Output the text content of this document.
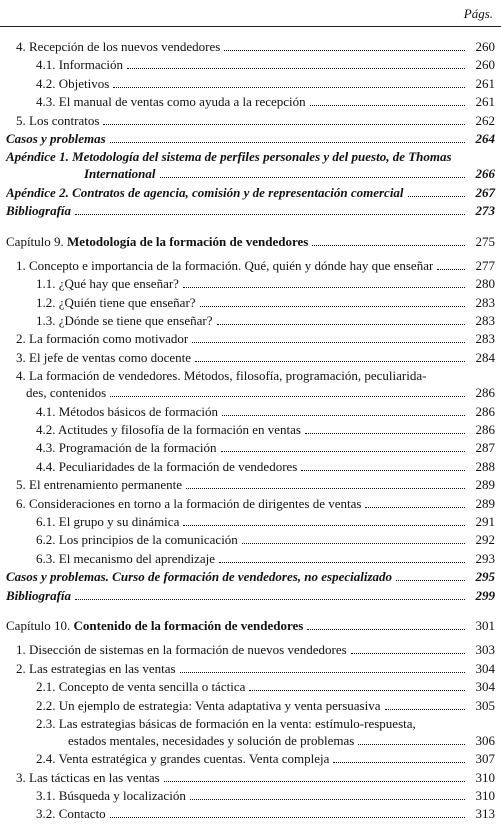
Págs.
4. Recepción de los nuevos vendedores	260
4.1. Información	260
4.2. Objetivos	261
4.3. El manual de ventas como ayuda a la recepción	261
5. Los contratos	262
Casos y problemas	264
Apéndice 1. Metodología del sistema de perfiles personales y del puesto, de Thomas
International	266
Apéndice 2. Contratos de agencia, comisión y de representación comercial	267
Bibliografía	273
Capítulo 9. Metodología de la formación de vendedores	275
1. Concepto e importancia de la formación. Qué, quién y dónde hay que enseñar	277
1.1. ¿Qué hay que enseñar?	280
1.2. ¿Quién tiene que enseñar?	283
1.3. ¿Dónde se tiene que enseñar?	283
2. La formación como motivador	283
3. El jefe de ventas como docente	284
4. La formación de vendedores. Métodos, filosofía, programación, peculiarida-
des, contenidos	286
4.1. Métodos básicos de formación	286
4.2. Actitudes y filosofía de la formación en ventas	286
4.3. Programación de la formación	287
4.4. Peculiaridades de la formación de vendedores	288
5. El entrenamiento permanente	289
6. Consideraciones en torno a la formación de dirigentes de ventas	289
6.1. El grupo y su dinámica	291
6.2. Los principios de la comunicación	292
6.3. El mecanismo del aprendizaje	293
Casos y problemas. Curso de formación de vendedores, no especializado	295
Bibliografía	299
Capítulo 10. Contenido de la formación de vendedores	301
1. Disección de sistemas en la formación de nuevos vendedores	303
2. Las estrategias en las ventas	304
2.1. Concepto de venta sencilla o táctica	304
2.2. Un ejemplo de estrategia: Venta adaptativa y venta persuasiva	305
2.3. Las estrategias básicas de formación en la venta: estímulo-respuesta,
estados mentales, necesidades y solución de problemas	306
2.4. Venta estratégica y grandes cuentas. Venta compleja	307
3. Las tácticas en las ventas	310
3.1. Búsqueda y localización	310
3.2. Contacto	313
